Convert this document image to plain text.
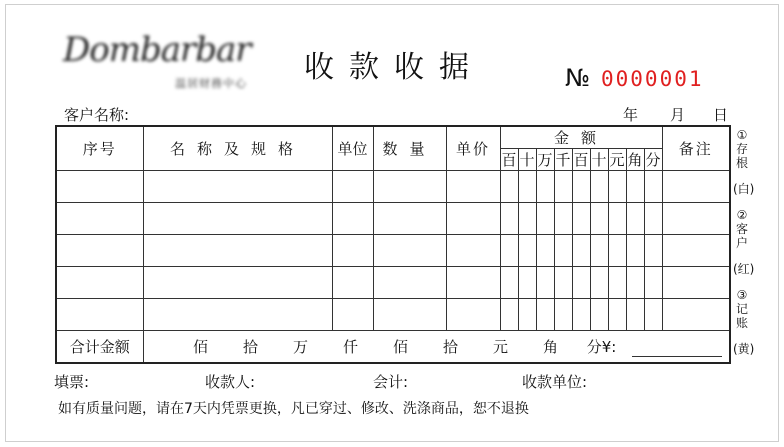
Dombarbar
温居财務中心 收款收据	№ 0000001
客户名称:	年 月 日
序号	名称及规格	单位	数量	单价	金额									备注
					百	十	万	千	百	十	元	角	分	

合计金额	佰 拾 万 仟 佰 拾 元 角 分¥:													
①存根
(白)
②客户
(红)
③记账
(黄)
填票:	收款人:	会计:	收款单位:
如有质量问题，请在7天内凭票更换，凡已穿过、修改、洗涤商品，恕不退换
